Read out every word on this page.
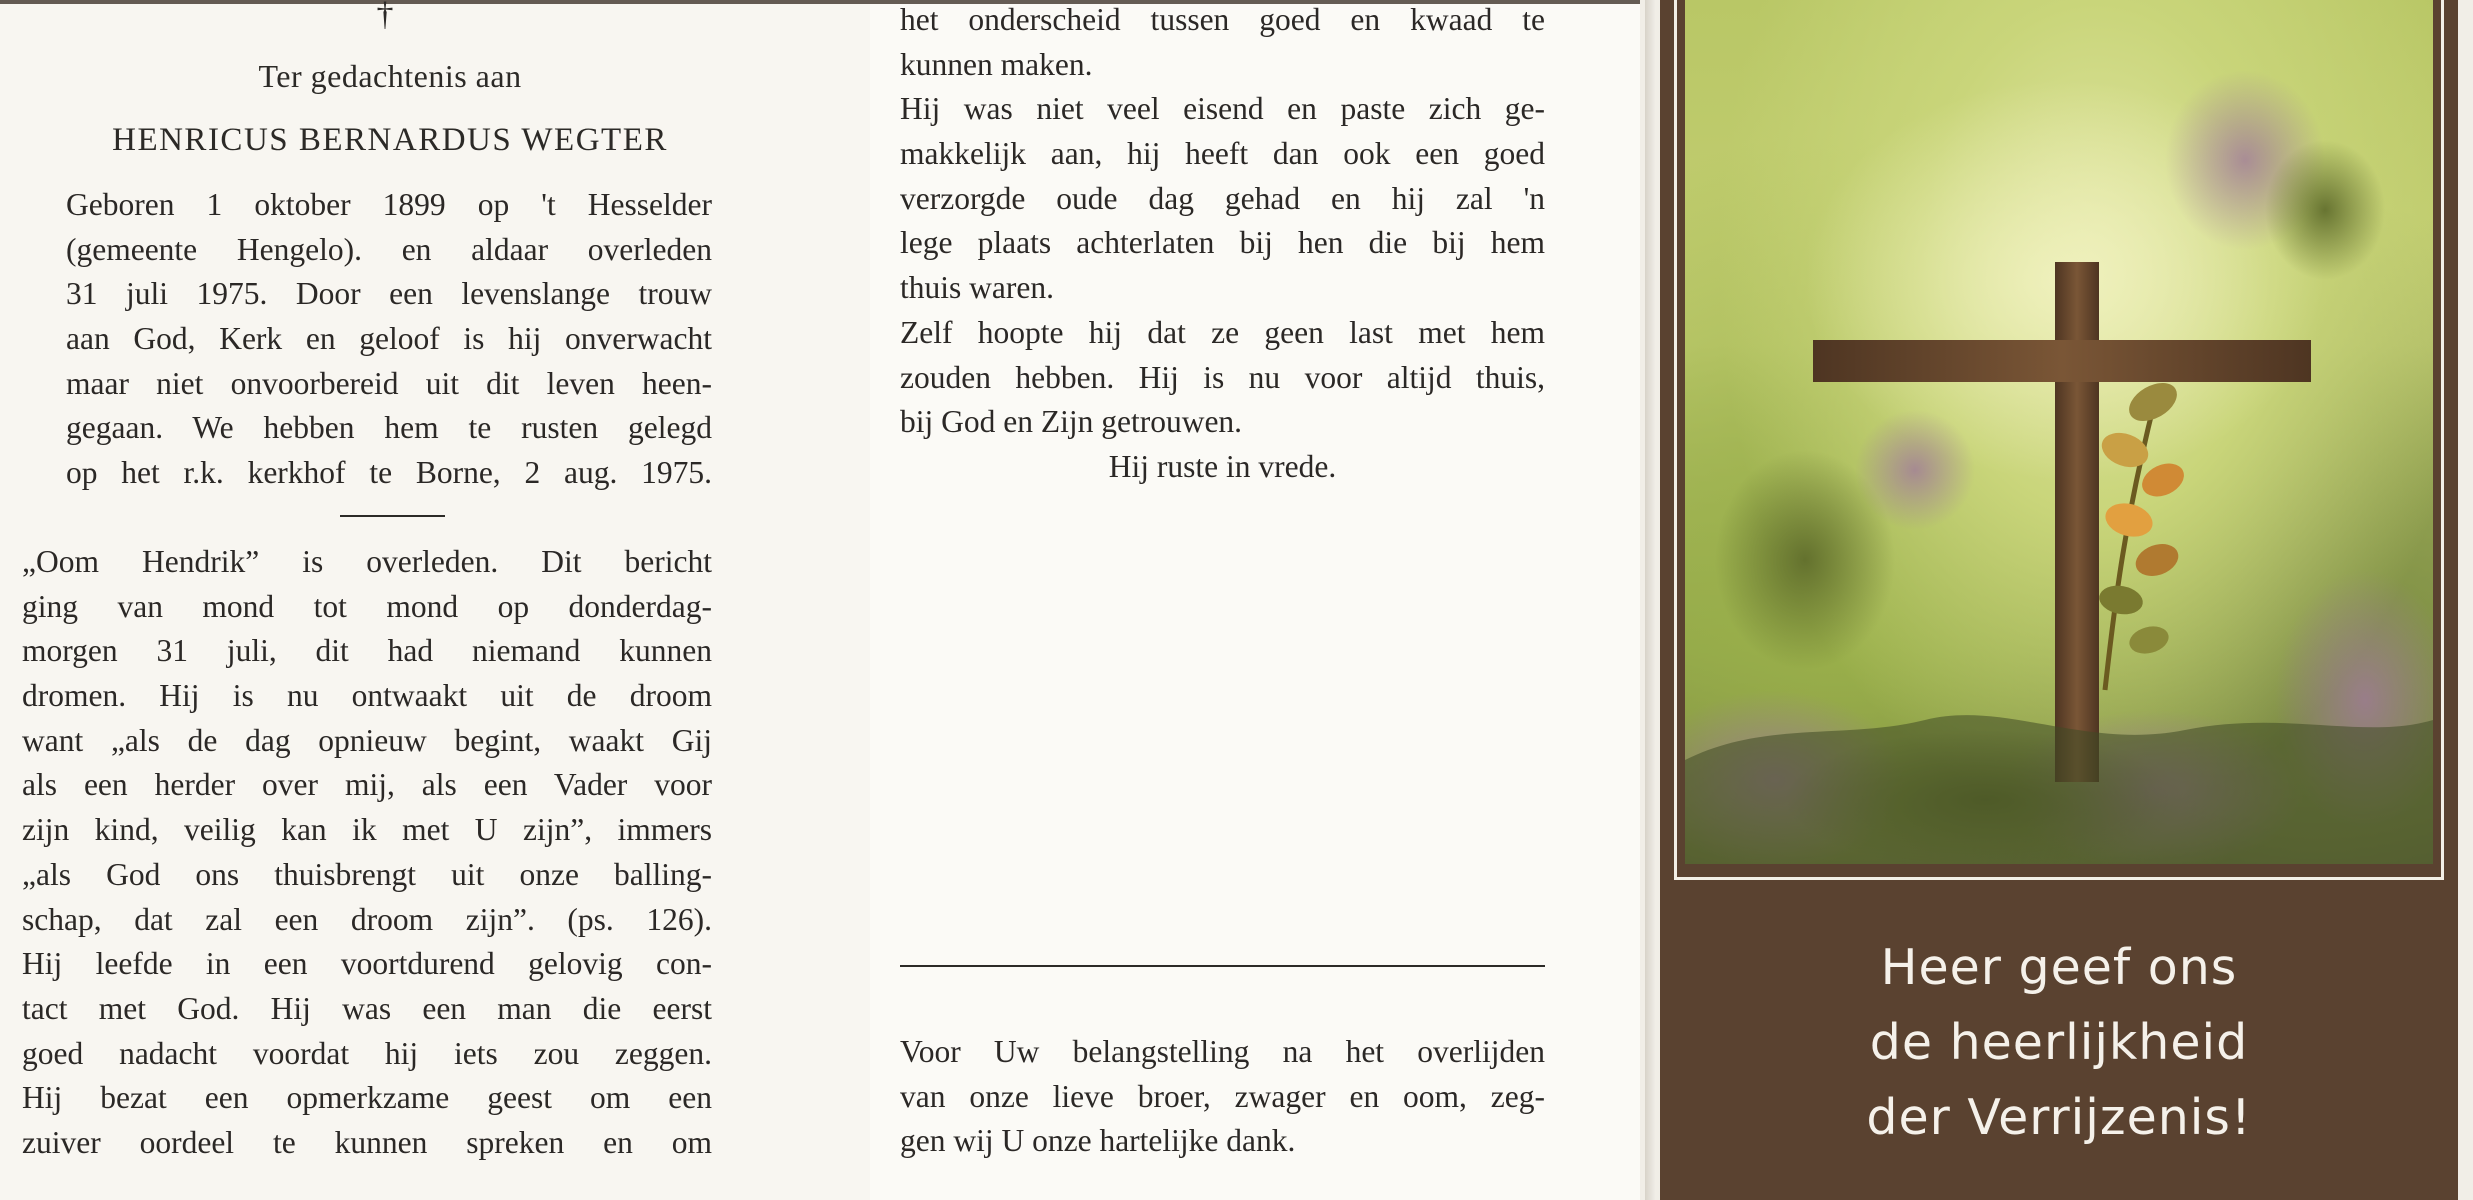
†
Ter gedachtenis aan
HENRICUS BERNARDUS WEGTER
Geboren 1 oktober 1899 op 't Hesselder
(gemeente Hengelo). en aldaar overleden
31 juli 1975. Door een levenslange trouw
aan God, Kerk en geloof is hij onverwacht
maar niet onvoorbereid uit dit leven heen-
gegaan. We hebben hem te rusten gelegd
op het r.k. kerkhof te Borne, 2 aug. 1975.
„Oom Hendrik” is overleden. Dit bericht
ging van mond tot mond op donderdag-
morgen 31 juli, dit had niemand kunnen
dromen. Hij is nu ontwaakt uit de droom
want „als de dag opnieuw begint, waakt Gij
als een herder over mij, als een Vader voor
zijn kind, veilig kan ik met U zijn”, immers
„als God ons thuisbrengt uit onze balling-
schap, dat zal een droom zijn”. (ps. 126).
Hij leefde in een voortdurend gelovig con-
tact met God. Hij was een man die eerst
goed nadacht voordat hij iets zou zeggen.
Hij bezat een opmerkzame geest om een
zuiver oordeel te kunnen spreken en om
het onderscheid tussen goed en kwaad te
kunnen maken.
Hij was niet veel eisend en paste zich ge-
makkelijk aan, hij heeft dan ook een goed
verzorgde oude dag gehad en hij zal 'n
lege plaats achterlaten bij hen die bij hem
thuis waren.
Zelf hoopte hij dat ze geen last met hem
zouden hebben. Hij is nu voor altijd thuis,
bij God en Zijn getrouwen.
Hij ruste in vrede.
Voor Uw belangstelling na het overlijden
van onze lieve broer, zwager en oom, zeg-
gen wij U onze hartelijke dank.
Heer geef ons
de heerlijkheid
der Verrijzenis!
